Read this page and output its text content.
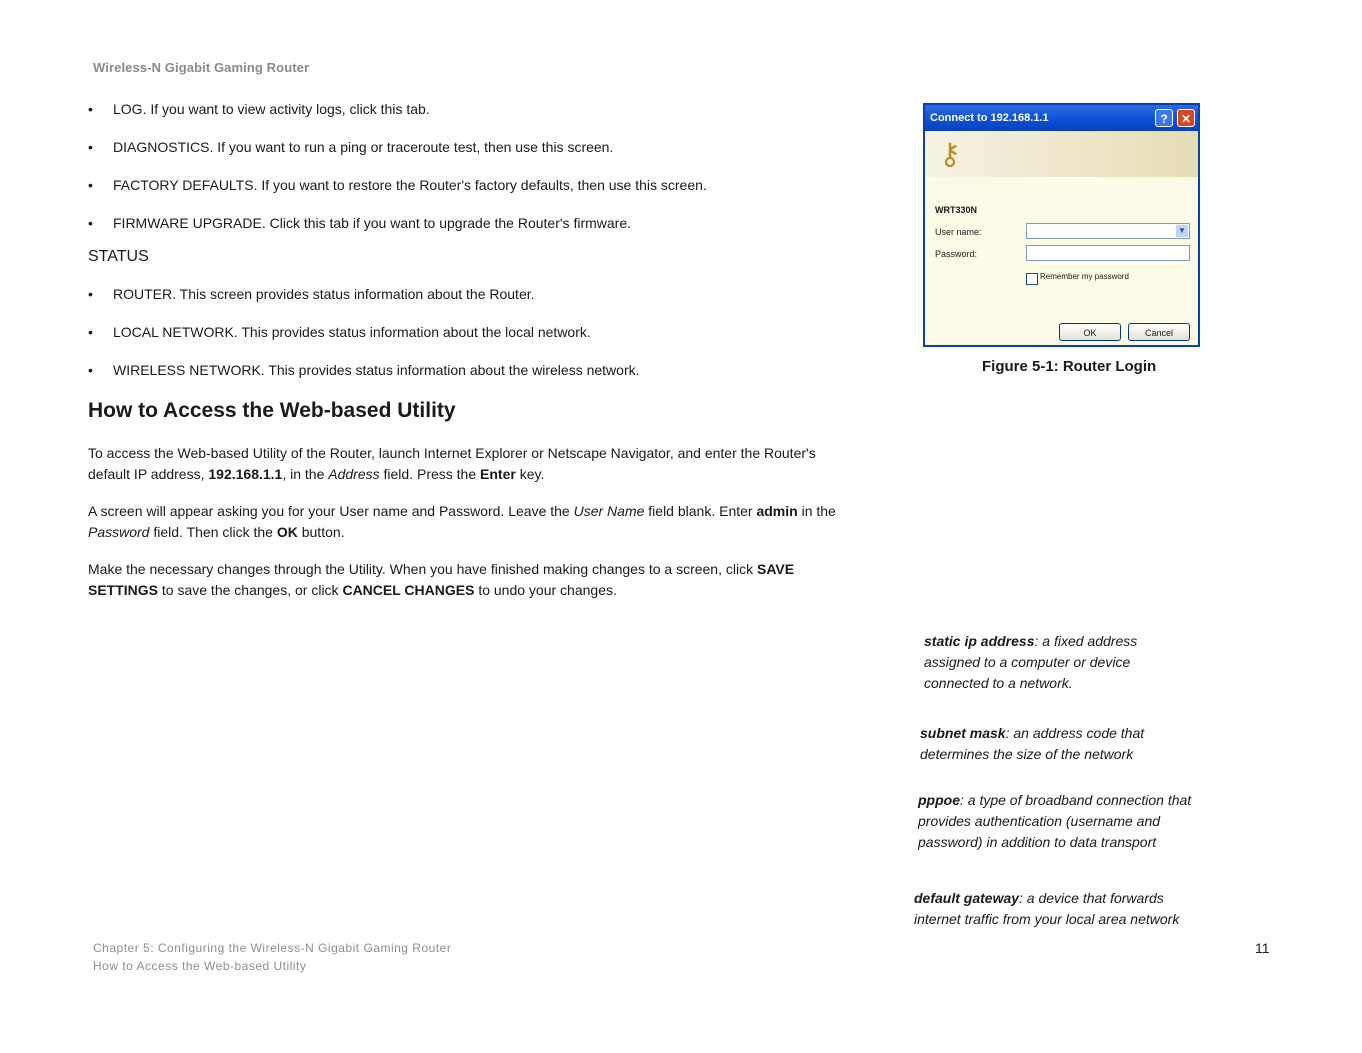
Wireless-N Gigabit Gaming Router
• LOG. If you want to view activity logs, click this tab.
• DIAGNOSTICS. If you want to run a ping or traceroute test, then use this screen.
• FACTORY DEFAULTS. If you want to restore the Router's factory defaults, then use this screen.
• FIRMWARE UPGRADE. Click this tab if you want to upgrade the Router's firmware.
STATUS
• ROUTER. This screen provides status information about the Router.
• LOCAL NETWORK. This provides status information about the local network.
• WIRELESS NETWORK. This provides status information about the wireless network.
How to Access the Web-based Utility

To access the Web-based Utility of the Router, launch Internet Explorer or Netscape Navigator, and enter the Router's default IP address, 192.168.1.1, in the Address field. Press the Enter key.

A screen will appear asking you for your User name and Password. Leave the User Name field blank. Enter admin in the Password field. Then click the OK button.

Make the necessary changes through the Utility. When you have finished making changes to a screen, click SAVE SETTINGS to save the changes, or click CANCEL CHANGES to undo your changes.

Connect to 192.168.1.1	?	✕
⚷
WRT330N
User name:	▼
Password:
Remember my password
OK	Cancel
Figure 5-1: Router Login
static ip address: a fixed address assigned to a computer or device connected to a network.
subnet mask: an address code that determines the size of the network
pppoe: a type of broadband connection that provides authentication (username and password) in addition to data transport
default gateway: a device that forwards internet traffic from your local area network
Chapter 5: Configuring the Wireless-N Gigabit Gaming Router
How to Access the Web-based Utility
11
